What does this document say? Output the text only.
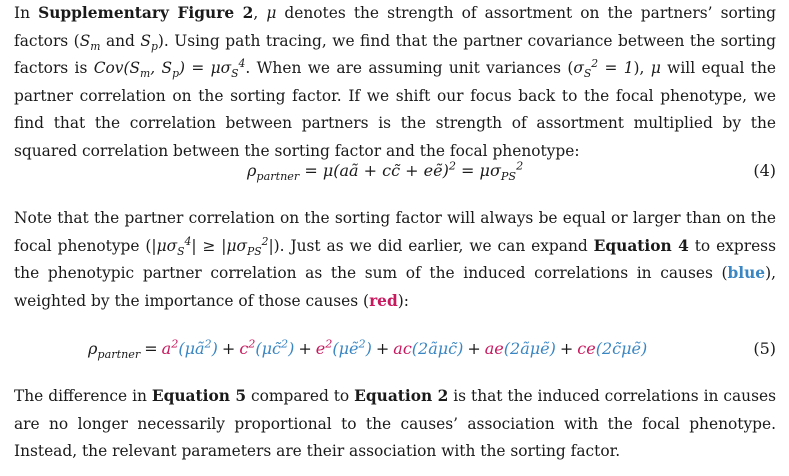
In Supplementary Figure 2, μ denotes the strength of assortment on the partners’ sorting factors ($S_m$ and $S_p$). Using path tracing, we find that the partner covariance between the sorting factors is $Cov(S_m$, $S_p) = \mu\sigma_S^4$. When we are assuming unit variances $(\sigma_S^2 = 1)$, μ will equal the partner correlation on the sorting factor. If we shift our focus back to the focal phenotype, we find that the correlation between partners is the strength of assortment multiplied by the squared correlation between the sorting factor and the focal phenotype:

$\rho_{partner}$ = μ(aã + cc̃ + eẽ)$^2$ = $\mu\sigma_{PS}^2$	(4)

Note that the partner correlation on the sorting factor will always be equal or larger than on the focal phenotype $(|\mu\sigma_S^4| \ge |\mu\sigma_{PS}^2|)$. Just as we did earlier, we can expand Equation 4 to express the phenotypic partner correlation as the sum of the induced correlations in causes (blue), weighted by the importance of those causes (red):

$\rho_{partner}$ = $a^2(\mu ã^2)$ + $c^2(\mu c̃^2)$ + $e^2(\mu ẽ^2)$ + ac(2ãμc̃) + ae(2ãμẽ) + ce(2c̃μẽ)	(5)

The difference in Equation 5 compared to Equation 2 is that the induced correlations in causes are no longer necessarily proportional to the causes’ association with the focal phenotype. Instead, the relevant parameters are their association with the sorting factor.
